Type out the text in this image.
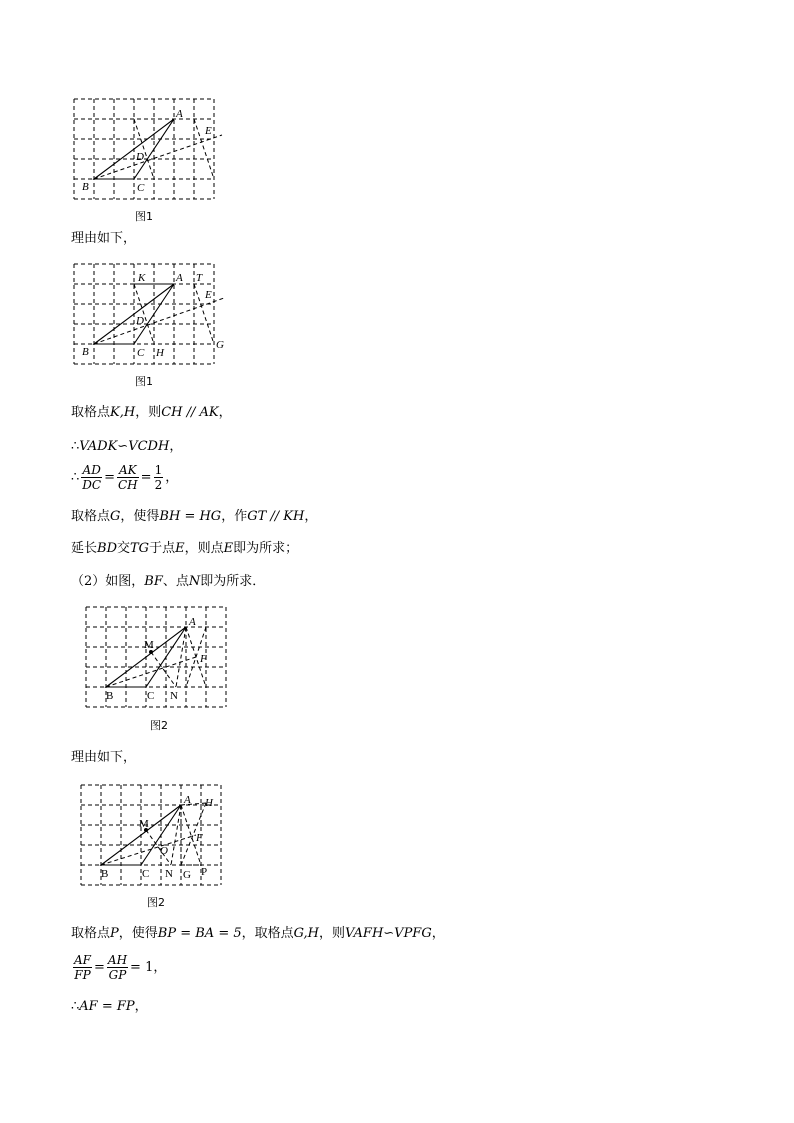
A
B	C
D
E
图1
理由如下，
K	A T
E
D
B	C H
G
图1
取格点K,H，则CH // AK，
∴VADK∽VCDH，
∴ $\frac{AD}{DC} = \frac{AK}{CH} = \frac{1}{2}$ ，
取格点G，使得BH = HG，作GT // KH，
延长BD交TG于点E，则点E即为所求；
（2）如图，BF、点N即为所求．
M
A
F
B	C N
图2
理由如下，
M
A H
F
O
B	C N G P
图2
取格点P，使得BP = BA = 5，取格点G,H，则VAFH∽VPFG，
$\frac{AF}{FP} = \frac{AH}{GP} = 1$，
∴AF = FP，
